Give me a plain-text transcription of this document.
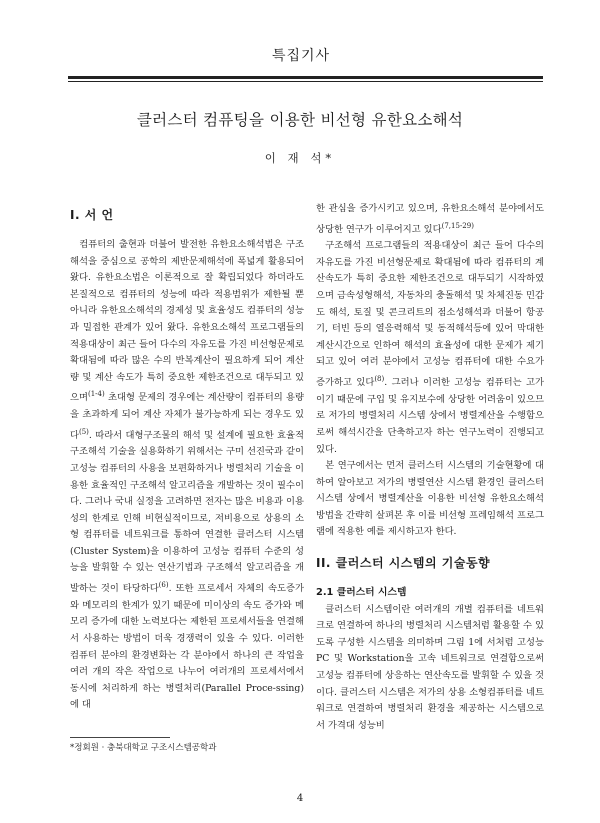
특집기사
클러스터 컴퓨팅을 이용한 비선형 유한요소해석
이 재 석*
I. 서 언

컴퓨터의 출현과 더불어 발전한 유한요소해석법은 구조해석을 중심으로 공학의 제반문제해석에 폭넓게 활용되어 왔다. 유한요소법은 이론적으로 잘 확립되었다 하더라도 본질적으로 컴퓨터의 성능에 따라 적용범위가 제한될 뿐 아니라 유한요소해석의 경제성 및 효율성도 컴퓨터의 성능과 밀접한 관계가 있어 왔다. 유한요소해석 프로그램들의 적용대상이 최근 들어 다수의 자유도를 가진 비선형문제로 확대됨에 따라 많은 수의 반복계산이 필요하게 되어 계산량 및 계산 속도가 특히 중요한 제한조건으로 대두되고 있으며$^{(1-4)}$ 초대형 문제의 경우에는 계산량이 컴퓨터의 용량을 초과하게 되어 계산 자체가 불가능하게 되는 경우도 있다$^{(5)}$. 따라서 대형구조물의 해석 및 설계에 필요한 효율적 구조해석 기술을 실용화하기 위해서는 구미 선진국과 같이 고성능 컴퓨터의 사용을 보편화하거나 병렬처리 기술을 이용한 효율적인 구조해석 알고리즘을 개발하는 것이 필수이다. 그러나 국내 실정을 고려하면 전자는 많은 비용과 이용성의 한계로 인해 비현실적이므로, 저비용으로 상용의 소형 컴퓨터를 네트워크를 통하여 연결한 클러스터 시스템(Cluster System)을 이용하여 고성능 컴퓨터 수준의 성능을 발휘할 수 있는 연산기법과 구조해석 알고리즘을 개발하는 것이 타당하다$^{(6)}$. 또한 프로세서 자체의 속도증가와 메모리의 한계가 있기 때문에 미이상의 속도 증가와 메모리 증가에 대한 노력보다는 제한된 프로세서들을 연결해서 사용하는 방법이 더욱 경쟁력이 있을 수 있다. 이러한 컴퓨터 분야의 환경변화는 각 분야에서 하나의 큰 작업을 여러 개의 작은 작업으로 나누어 여러개의 프로세서에서 동시에 처리하게 하는 병렬처리(Parallel Proce-ssing)에 대

한 관심을 증가시키고 있으며, 유한요소해석 분야에서도 상당한 연구가 이루어지고 있다$^{(7,15-29)}$

구조해석 프로그램들의 적용대상이 최근 들어 다수의 자유도를 가진 비선형문제로 확대됨에 따라 컴퓨터의 계산속도가 특히 중요한 제한조건으로 대두되기 시작하였으며 금속성형해석, 자동차의 충돌해석 및 차체진동 민감도 해석, 토질 및 콘크리트의 점소성해석과 더불어 항공기, 터빈 등의 열응력해석 및 동적해석등에 있어 막대한 계산시간으로 인하여 해석의 효율성에 대한 문제가 제기되고 있어 여러 분야에서 고성능 컴퓨터에 대한 수요가 증가하고 있다$^{(8)}$. 그러나 이러한 고성능 컴퓨터는 고가이기 때문에 구입 및 유지보수에 상당한 어려움이 있으므로 저가의 병렬처리 시스템 상에서 병렬계산을 수행함으로써 해석시간을 단축하고자 하는 연구노력이 진행되고 있다.

본 연구에서는 먼저 클러스터 시스템의 기술현황에 대하여 알아보고 저가의 병렬연산 시스템 환경인 클러스터 시스템 상에서 병렬계산을 이용한 비선형 유한요소해석 방법을 간략히 살펴본 후 이를 비선형 프레임해석 프로그램에 적용한 예를 제시하고자 한다.

II. 클러스터 시스템의 기술동향
2.1 클러스터 시스템

클러스터 시스템이란 여러개의 개별 컴퓨터를 네트워크로 연결하여 하나의 병렬처리 시스템처럼 활용할 수 있도록 구성한 시스템을 의미하며 그림 1에 서처럼 고성능 PC 및 Workstation을 고속 네트워크로 연결함으로써 고성능 컴퓨터에 상응하는 연산속도를 발휘할 수 있을 것이다. 클러스터 시스템은 저가의 상용 소형컴퓨터를 네트워크로 연결하여 병렬처리 환경을 제공하는 시스템으로서 가격대 성능비

*정회원 · 충북대학교 구조시스템공학과
4
